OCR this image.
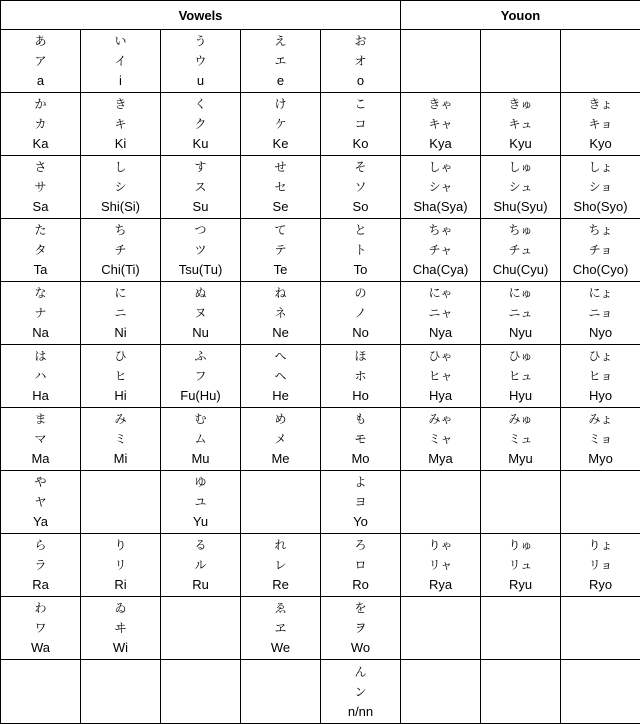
Vowels					Youon		

あ
ア
a	い
イ
i	う
ウ
u	え
エ
e	お
オ
o			

か
カ
Ka	き
キ
Ki	く
ク
Ku	け
ケ
Ke	こ
コ
Ko	きゃ
キャ
Kya	きゅ
キュ
Kyu	きょ
キョ
Kyo

さ
サ
Sa	し
シ
Shi(Si)	す
ス
Su	せ
セ
Se	そ
ソ
So	しゃ
シャ
Sha(Sya)	しゅ
シュ
Shu(Syu)	しょ
ショ
Sho(Syo)

た
タ
Ta	ち
チ
Chi(Ti)	つ
ツ
Tsu(Tu)	て
テ
Te	と
ト
To	ちゃ
チャ
Cha(Cya)	ちゅ
チュ
Chu(Cyu)	ちょ
チョ
Cho(Cyo)

な
ナ
Na	に
ニ
Ni	ぬ
ヌ
Nu	ね
ネ
Ne	の
ノ
No	にゃ
ニャ
Nya	にゅ
ニュ
Nyu	にょ
ニョ
Nyo

は
ハ
Ha	ひ
ヒ
Hi	ふ
フ
Fu(Hu)	へ
ヘ
He	ほ
ホ
Ho	ひゃ
ヒャ
Hya	ひゅ
ヒュ
Hyu	ひょ
ヒョ
Hyo

ま
マ
Ma	み
ミ
Mi	む
ム
Mu	め
メ
Me	も
モ
Mo	みゃ
ミャ
Mya	みゅ
ミュ
Myu	みょ
ミョ
Myo

や
ヤ
Ya		ゆ
ユ
Yu		よ
ヨ
Yo			

ら
ラ
Ra	り
リ
Ri	る
ル
Ru	れ
レ
Re	ろ
ロ
Ro	りゃ
リャ
Rya	りゅ
リュ
Ryu	りょ
リョ
Ryo

わ
ワ
Wa	ゐ
ヰ
Wi		ゑ
ヱ
We	を
ヲ
Wo			

				ん
ン
n/nn			
